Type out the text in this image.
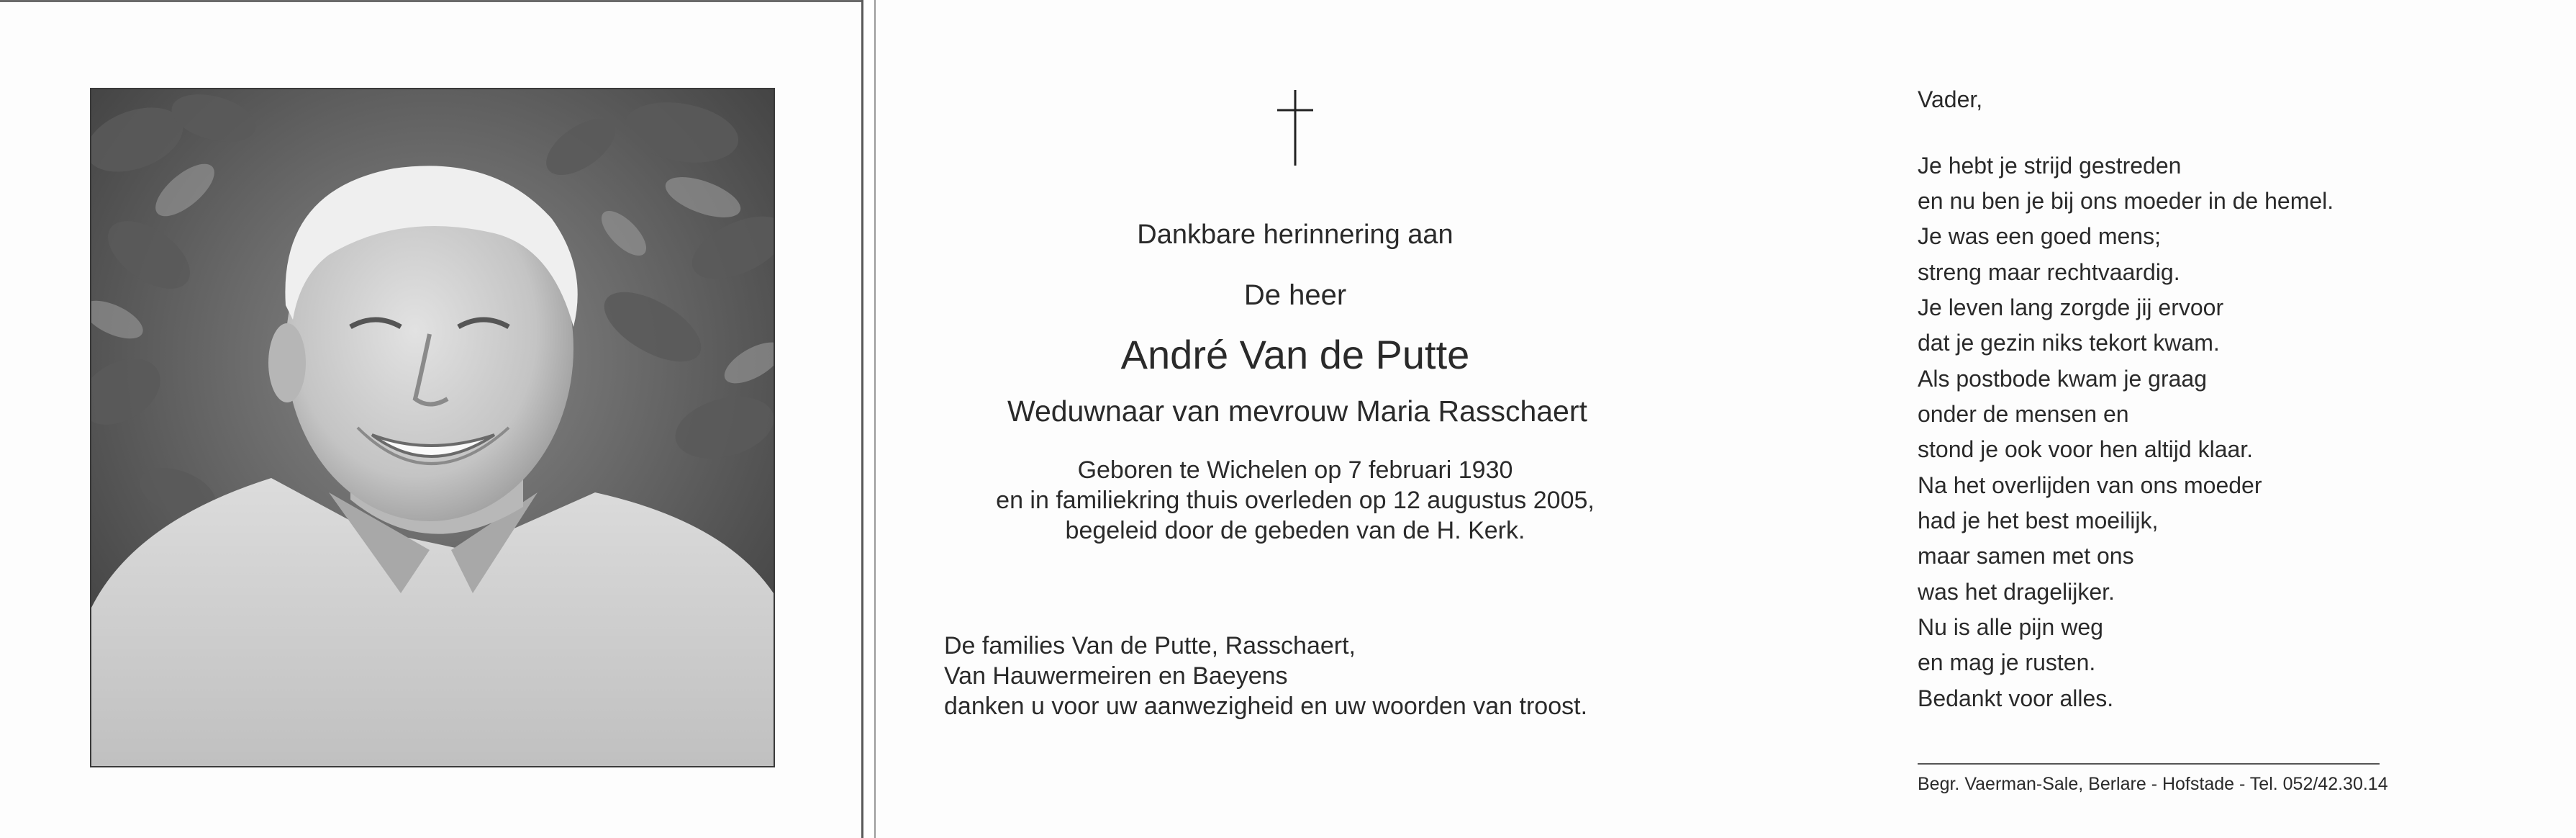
Dankbare herinnering aan
De heer
André Van de Putte
Weduwnaar van mevrouw Maria Rasschaert
Geboren te Wichelen op 7 februari 1930
en in familiekring thuis overleden op 12 augustus 2005,
begeleid door de gebeden van de H. Kerk.
De families Van de Putte, Rasschaert,
Van Hauwermeiren en Baeyens
danken u voor uw aanwezigheid en uw woorden van troost.
Vader,
Je hebt je strijd gestreden
en nu ben je bij ons moeder in de hemel.
Je was een goed mens;
streng maar rechtvaardig.
Je leven lang zorgde jij ervoor
dat je gezin niks tekort kwam.
Als postbode kwam je graag
onder de mensen en
stond je ook voor hen altijd klaar.
Na het overlijden van ons moeder
had je het best moeilijk,
maar samen met ons
was het dragelijker.
Nu is alle pijn weg
en mag je rusten.
Bedankt voor alles.
Begr. Vaerman-Sale, Berlare - Hofstade - Tel. 052/42.30.14
